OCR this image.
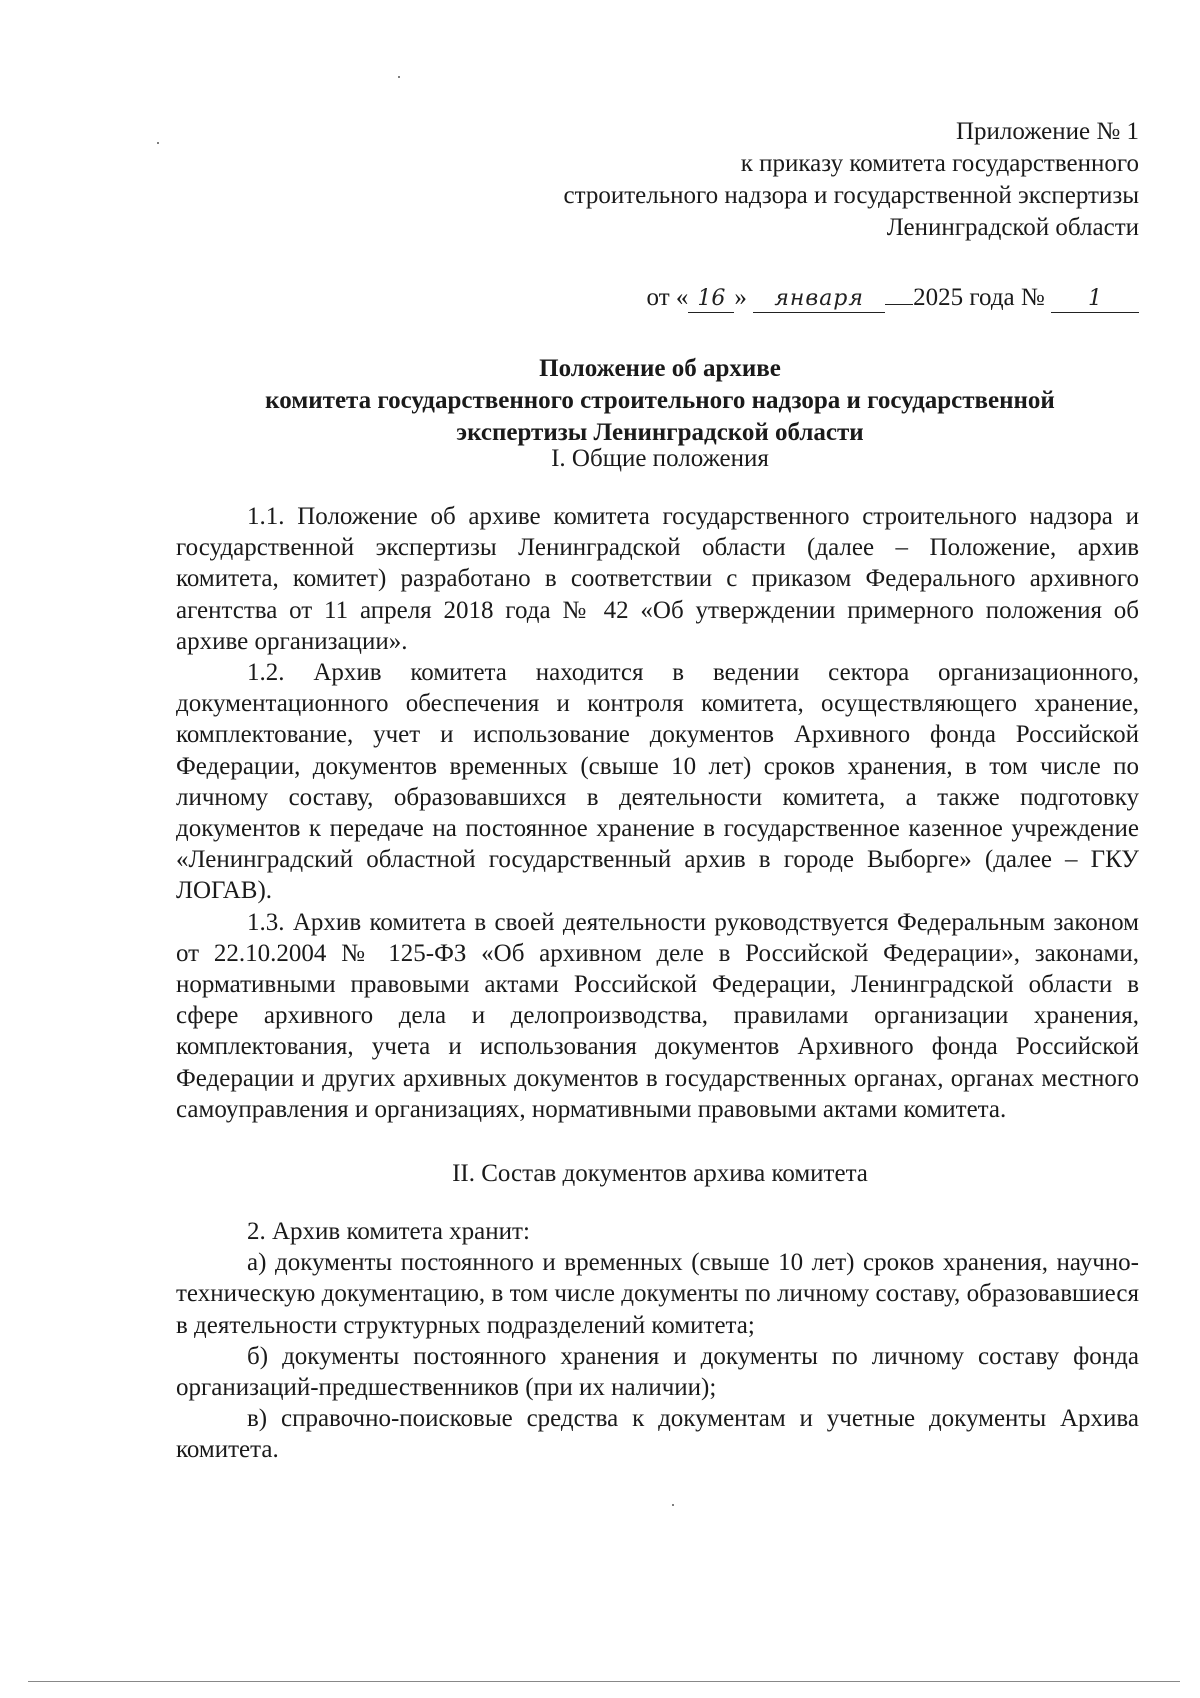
Приложение № 1
к приказу комитета государственного
строительного надзора и государственной экспертизы
Ленинградской области
от « 16 » января 2025 года № 1
Положение об архиве
комитета государственного строительного надзора и государственной
экспертизы Ленинградской области
I. Общие положения

1.1. Положение об архиве комитета государственного строительного надзора и государственной экспертизы Ленинградской области (далее – Положение, архив комитета, комитет) разработано в соответствии с приказом Федерального архивного агентства от 11 апреля 2018 года № 42 «Об утверждении примерного положения об архиве организации».

1.2. Архив комитета находится в ведении сектора организационного, документационного обеспечения и контроля комитета, осуществляющего хранение, комплектование, учет и использование документов Архивного фонда Российской Федерации, документов временных (свыше 10 лет) сроков хранения, в том числе по личному составу, образовавшихся в деятельности комитета, а также подготовку документов к передаче на постоянное хранение в государственное казенное учреждение «Ленинградский областной государственный архив в городе Выборге» (далее – ГКУ ЛОГАВ).

1.3. Архив комитета в своей деятельности руководствуется Федеральным законом от 22.10.2004 № 125-ФЗ «Об архивном деле в Российской Федерации», законами, нормативными правовыми актами Российской Федерации, Ленинградской области в сфере архивного дела и делопроизводства, правилами организации хранения, комплектования, учета и использования документов Архивного фонда Российской Федерации и других архивных документов в государственных органах, органах местного самоуправления и организациях, нормативными правовыми актами комитета.

II. Состав документов архива комитета

2. Архив комитета хранит:

а) документы постоянного и временных (свыше 10 лет) сроков хранения, научно-техническую документацию, в том числе документы по личному составу, образовавшиеся в деятельности структурных подразделений комитета;

б) документы постоянного хранения и документы по личному составу фонда организаций-предшественников (при их наличии);

в) справочно-поисковые средства к документам и учетные документы Архива комитета.
